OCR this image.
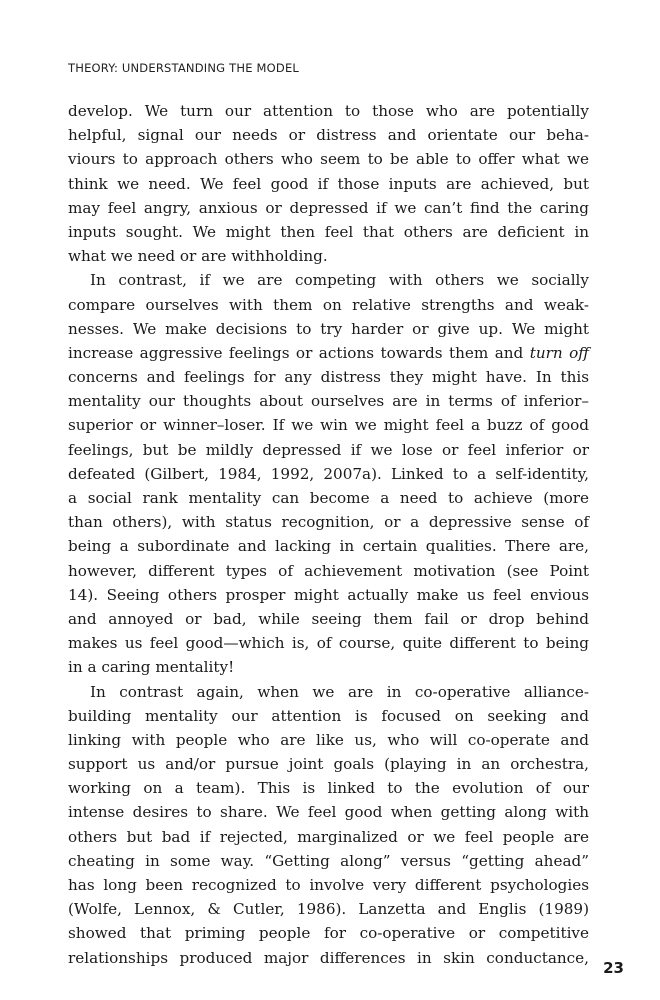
THEORY: UNDERSTANDING THE MODEL
develop. We turn our attention to those who are potentially
helpful, signal our needs or distress and orientate our beha-
viours to approach others who seem to be able to offer what we
think we need. We feel good if those inputs are achieved, but
may feel angry, anxious or depressed if we can’t find the caring
inputs sought. We might then feel that others are deficient in
what we need or are withholding.
In contrast, if we are competing with others we socially
compare ourselves with them on relative strengths and weak-
nesses. We make decisions to try harder or give up. We might
increase aggressive feelings or actions towards them and turn off
concerns and feelings for any distress they might have. In this
mentality our thoughts about ourselves are in terms of inferior–
superior or winner–loser. If we win we might feel a buzz of good
feelings, but be mildly depressed if we lose or feel inferior or
defeated (Gilbert, 1984, 1992, 2007a). Linked to a self-identity,
a social rank mentality can become a need to achieve (more
than others), with status recognition, or a depressive sense of
being a subordinate and lacking in certain qualities. There are,
however, different types of achievement motivation (see Point
14). Seeing others prosper might actually make us feel envious
and annoyed or bad, while seeing them fail or drop behind
makes us feel good—which is, of course, quite different to being
in a caring mentality!
In contrast again, when we are in co-operative alliance-
building mentality our attention is focused on seeking and
linking with people who are like us, who will co-operate and
support us and/or pursue joint goals (playing in an orchestra,
working on a team). This is linked to the evolution of our
intense desires to share. We feel good when getting along with
others but bad if rejected, marginalized or we feel people are
cheating in some way. “Getting along” versus “getting ahead”
has long been recognized to involve very different psychologies
(Wolfe, Lennox, & Cutler, 1986). Lanzetta and Englis (1989)
showed that priming people for co-operative or competitive
relationships produced major differences in skin conductance,
23
